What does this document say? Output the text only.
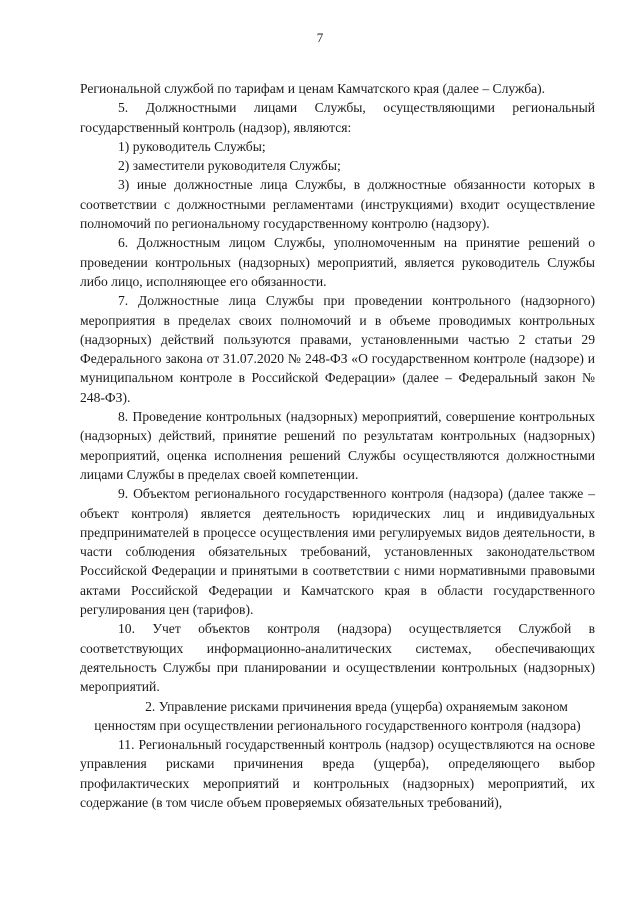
7

Региональной службой по тарифам и ценам Камчатского края (далее – Служба).

5. Должностными лицами Службы, осуществляющими региональный государственный контроль (надзор), являются:

1) руководитель Службы;

2) заместители руководителя Службы;

3) иные должностные лица Службы, в должностные обязанности которых в соответствии с должностными регламентами (инструкциями) входит осуществление полномочий по региональному государственному контролю (надзору).

6. Должностным лицом Службы, уполномоченным на принятие решений о проведении контрольных (надзорных) мероприятий, является руководитель Службы либо лицо, исполняющее его обязанности.

7. Должностные лица Службы при проведении контрольного (надзорного) мероприятия в пределах своих полномочий и в объеме проводимых контрольных (надзорных) действий пользуются правами, установленными частью 2 статьи 29 Федерального закона от 31.07.2020 № 248-ФЗ «О государственном контроле (надзоре) и муниципальном контроле в Российской Федерации» (далее – Федеральный закон № 248-ФЗ).

8. Проведение контрольных (надзорных) мероприятий, совершение контрольных (надзорных) действий, принятие решений по результатам контрольных (надзорных) мероприятий, оценка исполнения решений Службы осуществляются должностными лицами Службы в пределах своей компетенции.

9. Объектом регионального государственного контроля (надзора) (далее также – объект контроля) является деятельность юридических лиц и индивидуальных предпринимателей в процессе осуществления ими регулируемых видов деятельности, в части соблюдения обязательных требований, установленных законодательством Российской Федерации и принятыми в соответствии с ними нормативными правовыми актами Российской Федерации и Камчатского края в области государственного регулирования цен (тарифов).

10. Учет объектов контроля (надзора) осуществляется Службой в соответствующих информационно-аналитических системах, обеспечивающих деятельность Службы при планировании и осуществлении контрольных (надзорных) мероприятий.

2. Управление рисками причинения вреда (ущерба) охраняемым законом ценностям при осуществлении регионального государственного контроля (надзора)

11. Региональный государственный контроль (надзор) осуществляются на основе управления рисками причинения вреда (ущерба), определяющего выбор профилактических мероприятий и контрольных (надзорных) мероприятий, их содержание (в том числе объем проверяемых обязательных требований),
